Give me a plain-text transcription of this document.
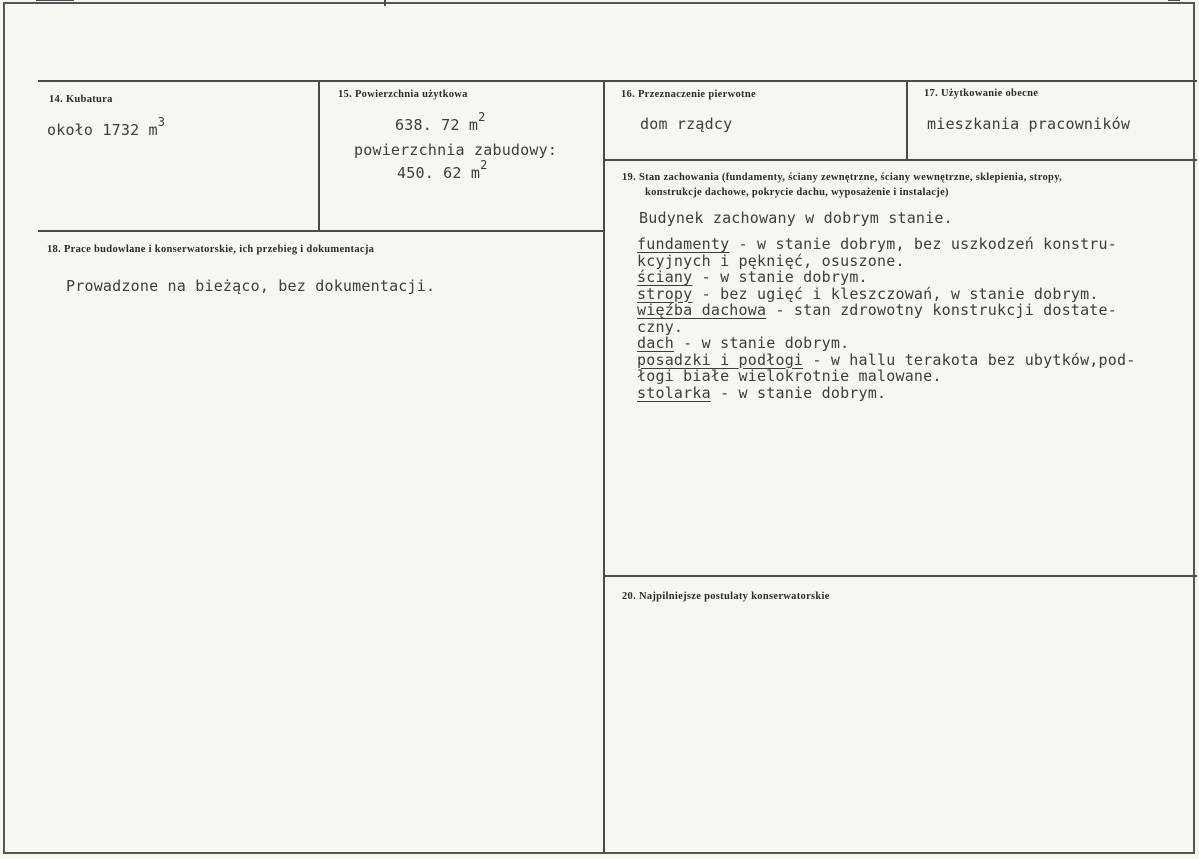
14. Kubatura
około 1732 $m^3$
15. Powierzchnia użytkowa
638. 72 $m^2$
powierzchnia zabudowy:
450. 62 $m^2$
16. Przeznaczenie pierwotne
dom rządcy
17. Użytkowanie obecne
mieszkania pracowników
18. Prace budowlane i konserwatorskie, ich przebieg i dokumentacja
Prowadzone na bieżąco, bez dokumentacji.
19. Stan zachowania (fundamenty, ściany zewnętrzne, ściany wewnętrzne, sklepienia, stropy,
konstrukcje dachowe, pokrycie dachu, wyposażenie i instalacje)
Budynek zachowany w dobrym stanie.
fundamenty - w stanie dobrym, bez uszkodzeń konstru-
kcyjnych i pęknięć, osuszone.
ściany - w stanie dobrym.
stropy - bez ugięć i kleszczowań, w stanie dobrym.
więźba dachowa - stan zdrowotny konstrukcji dostate-
czny.
dach - w stanie dobrym.
posadzki i podłogi - w hallu terakota bez ubytków,pod-
łogi białe wielokrotnie malowane.
stolarka - w stanie dobrym.
20. Najpilniejsze postulaty konserwatorskie
